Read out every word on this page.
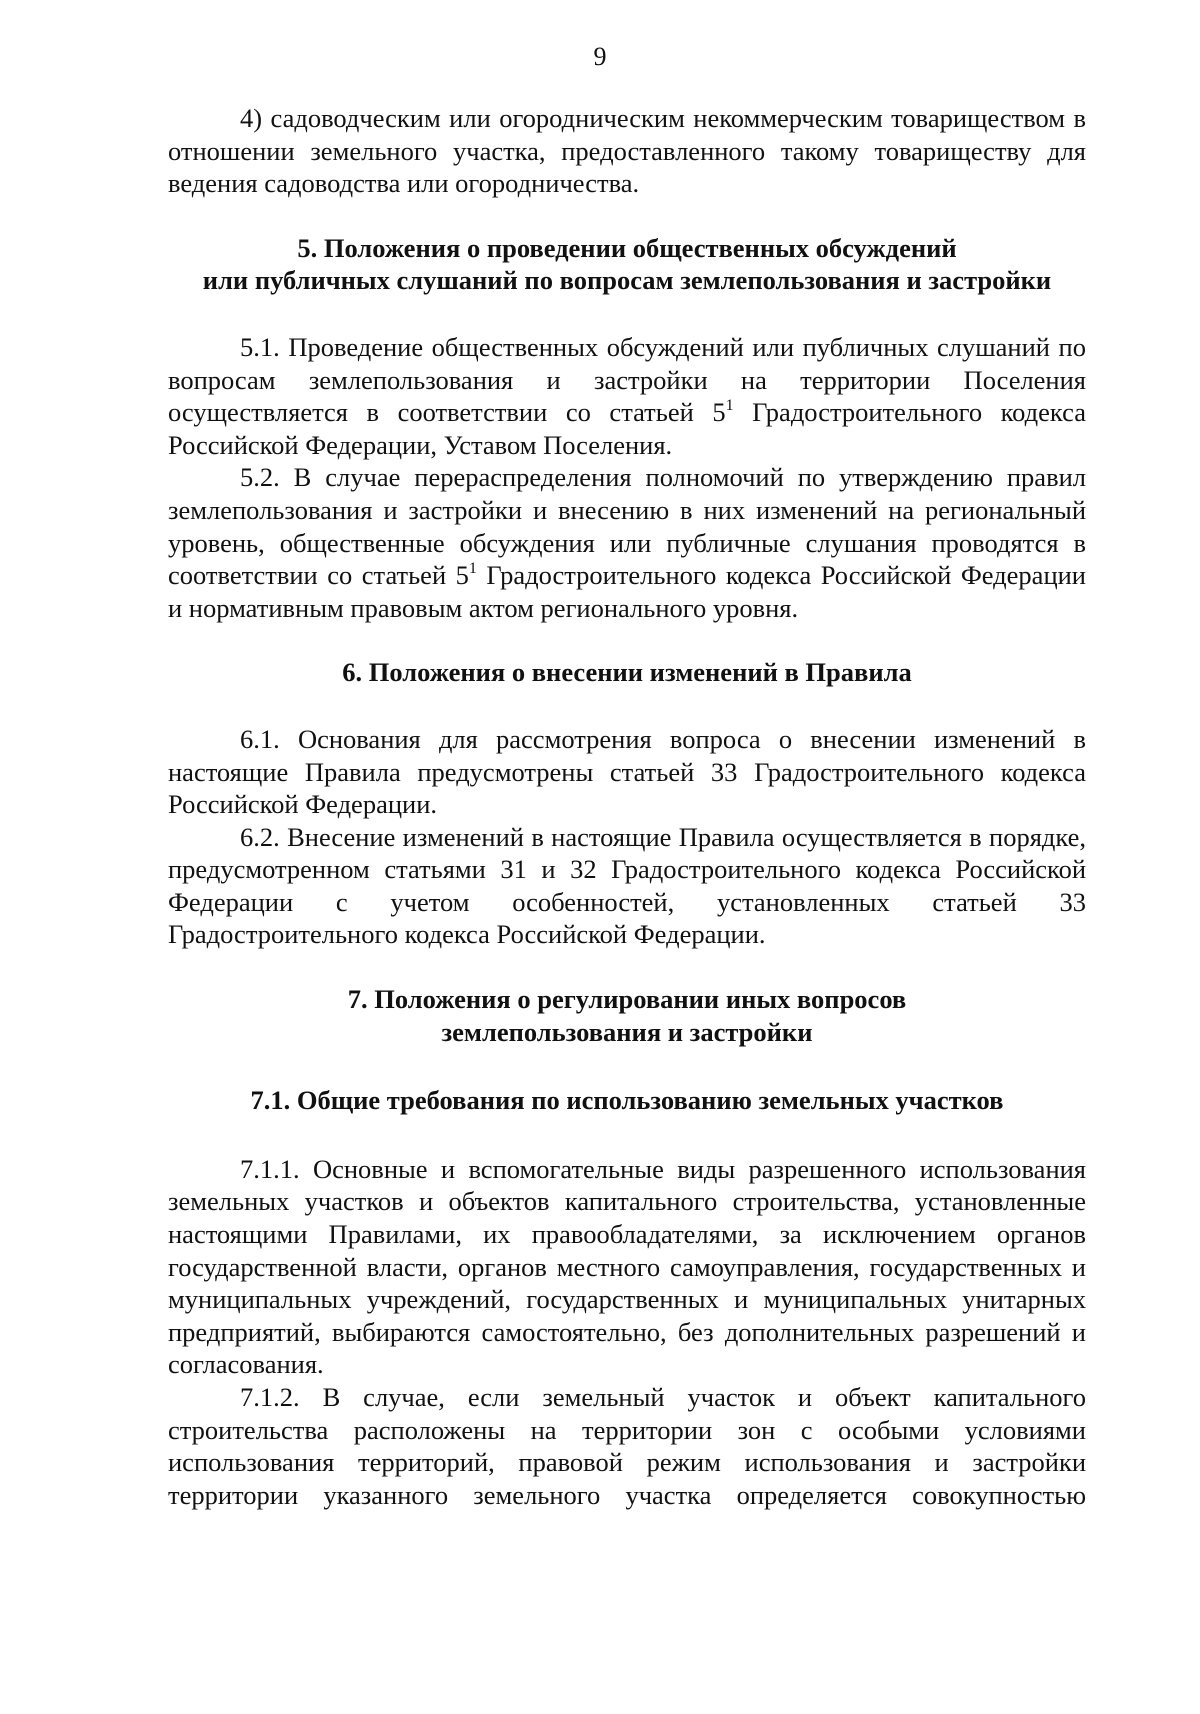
9

4) садоводческим или огородническим некоммерческим товариществом в отношении земельного участка, предоставленного такому товариществу для ведения садоводства или огородничества.

5. Положения о проведении общественных обсуждений
или публичных слушаний по вопросам землепользования и застройки

5.1. Проведение общественных обсуждений или публичных слушаний по вопросам землепользования и застройки на территории Поселения осуществляется в соответствии со статьей 5$^1$ Градостроительного кодекса Российской Федерации, Уставом Поселения.

5.2. В случае перераспределения полномочий по утверждению правил землепользования и застройки и внесению в них изменений на региональный уровень, общественные обсуждения или публичные слушания проводятся в соответствии со статьей 5$^1$ Градостроительного кодекса Российской Федерации и нормативным правовым актом регионального уровня.

6. Положения о внесении изменений в Правила

6.1. Основания для рассмотрения вопроса о внесении изменений в настоящие Правила предусмотрены статьей 33 Градостроительного кодекса Российской Федерации.

6.2. Внесение изменений в настоящие Правила осуществляется в порядке, предусмотренном статьями 31 и 32 Градостроительного кодекса Российской Федерации с учетом особенностей, установленных статьей 33 Градостроительного кодекса Российской Федерации.

7. Положения о регулировании иных вопросов
землепользования и застройки
7.1. Общие требования по использованию земельных участков

7.1.1. Основные и вспомогательные виды разрешенного использования земельных участков и объектов капитального строительства, установленные настоящими Правилами, их правообладателями, за исключением органов государственной власти, органов местного самоуправления, государственных и муниципальных учреждений, государственных и муниципальных унитарных предприятий, выбираются самостоятельно, без дополнительных разрешений и согласования.

7.1.2. В случае, если земельный участок и объект капитального строительства расположены на территории зон с особыми условиями использования территорий, правовой режим использования и застройки территории указанного земельного участка определяется совокупностью
